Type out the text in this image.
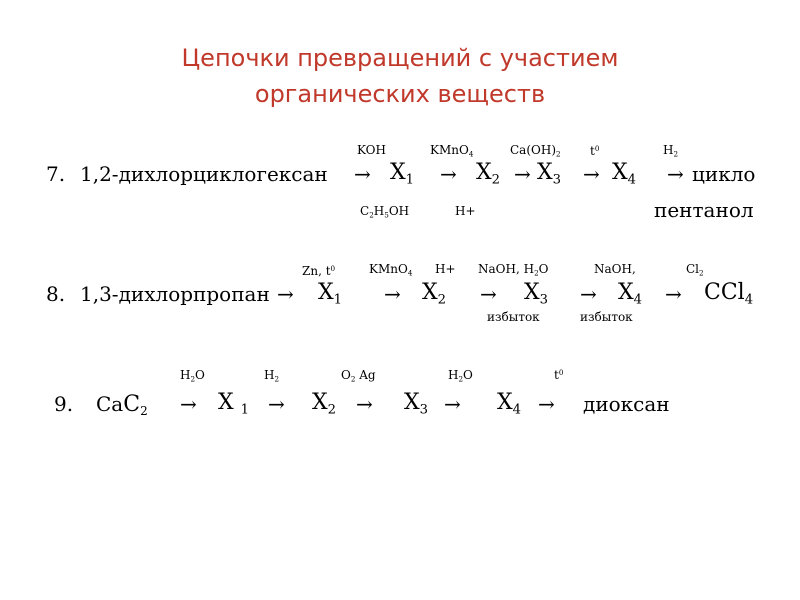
Цепочки превращений с участием
органических веществ
KOH	KMnO$_4$	$Ca(OH)_2$ $t^0$	$H_2$
7. 1,2-дихлорциклогексан → $X_1 \to X_2 \to X_3 \to X_4$ → цикло
$C_2H_5OH$	H+	пентанол
Zn, $t^0$	KMnO$_4$ H+ NaOH, $H_2O$	NaOH,	$Cl_2$
8. 1,3-дихлорпропан → $X_1 \to X_2 \to X_3 \to X_4 \to CCl_4$
избыток	избыток
$H_2O$	$H_2$	$O_2$ Ag	$H_2O$	$t^0$
9. CaC$_2$ → X $_1 \to X_2 \to X_3 \to X_4$ → диоксан
